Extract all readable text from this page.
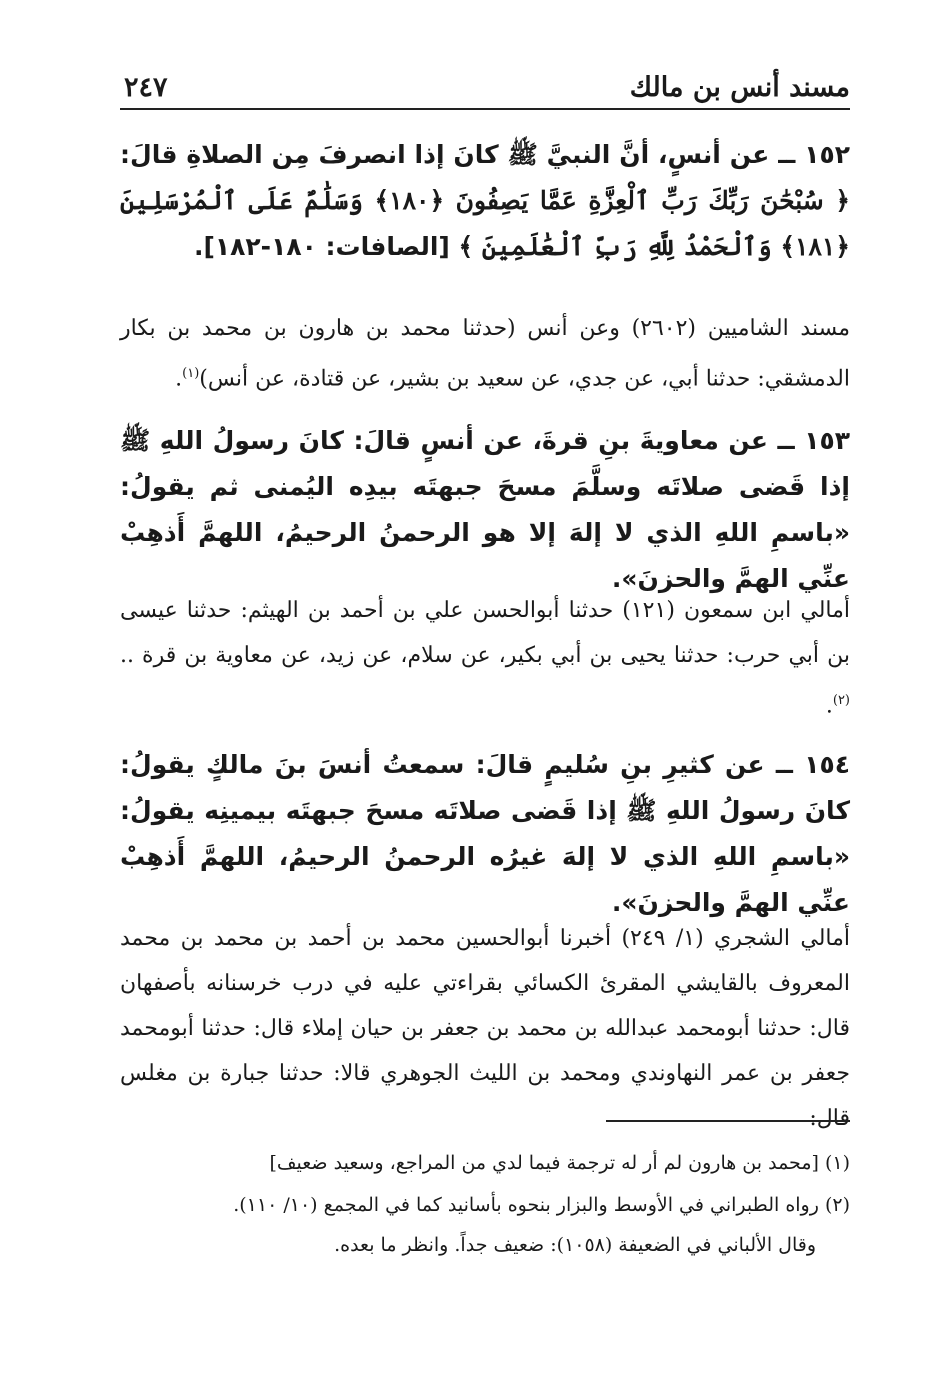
مسند أنس بن مالك
٢٤٧
١٥٢ ــ عن أنسٍ، أنَّ النبيَّ ﷺ كانَ إذا انصرفَ مِن الصلاةِ قالَ: ﴿ سُبْحَٰنَ رَبِّكَ رَبِّ ٱلْعِزَّةِ عَمَّا يَصِفُونَ ﴿١٨٠﴾ وَسَلَٰمٌ عَلَى ٱلْمُرْسَلِينَ ﴿١٨١﴾ وَٱلْحَمْدُ لِلَّهِ رَبِّ ٱلْعَٰلَمِينَ ﴾ [الصافات: ١٨٠-١٨٢].
مسند الشاميين (٢٦٠٢) وعن أنس (حدثنا محمد بن هارون بن محمد بن بكار الدمشقي: حدثنا أبي، عن جدي، عن سعيد بن بشير، عن قتادة، عن أنس)$^{(١)}$.
١٥٣ ــ عن معاويةَ بنِ قرةَ، عن أنسٍ قالَ: كانَ رسولُ اللهِ ﷺ إذا قَضى صلاتَه وسلَّمَ مسحَ جبهتَه بيدِه اليُمنى ثم يقولُ: «باسمِ اللهِ الذي لا إلهَ إلا هو الرحمنُ الرحيمُ، اللهمَّ أَذهِبْ عنِّي الهمَّ والحزنَ».
أمالي ابن سمعون (١٢١) حدثنا أبوالحسن علي بن أحمد بن الهيثم: حدثنا عيسى بن أبي حرب: حدثنا يحيى بن أبي بكير، عن سلام، عن زيد، عن معاوية بن قرة ..$^{(٢)}$.
١٥٤ ــ عن كثيرِ بنِ سُليمٍ قالَ: سمعتُ أنسَ بنَ مالكٍ يقولُ: كانَ رسولُ اللهِ ﷺ إذا قَضى صلاتَه مسحَ جبهتَه بيمينِه يقولُ: «باسمِ اللهِ الذي لا إلهَ غيرُه الرحمنُ الرحيمُ، اللهمَّ أَذهِبْ عنِّي الهمَّ والحزنَ».
أمالي الشجري (١/ ٢٤٩) أخبرنا أبوالحسين محمد بن أحمد بن محمد بن محمد المعروف بالقايشي المقرئ الكسائي بقراءتي عليه في درب خرسنانه بأصفهان قال: حدثنا أبومحمد عبدالله بن محمد بن جعفر بن حيان إملاء قال: حدثنا أبومحمد جعفر بن عمر النهاوندي ومحمد بن الليث الجوهري قالا: حدثنا جبارة بن مغلس قال:
(١) [محمد بن هارون لم أر له ترجمة فيما لدي من المراجع، وسعيد ضعيف]
(٢) رواه الطبراني في الأوسط والبزار بنحوه بأسانيد كما في المجمع (١٠/ ١١٠).
وقال الألباني في الضعيفة (١٠٥٨): ضعيف جداً. وانظر ما بعده.
